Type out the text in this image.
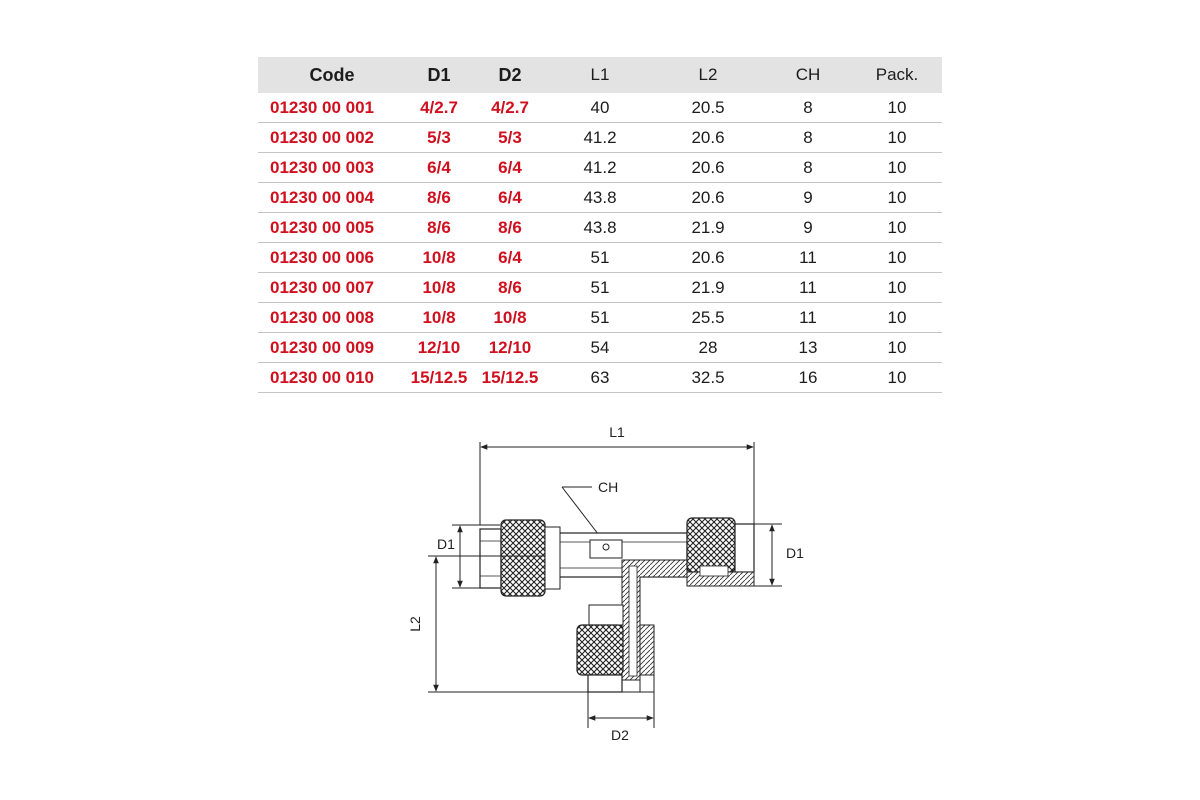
Code	D1	D2	L1	L2	CH	Pack.
01230 00 001	4/2.7	4/2.7	40	20.5	8	10
01230 00 002	5/3	5/3	41.2	20.6	8	10
01230 00 003	6/4	6/4	41.2	20.6	8	10
01230 00 004	8/6	6/4	43.8	20.6	9	10
01230 00 005	8/6	8/6	43.8	21.9	9	10
01230 00 006	10/8	6/4	51	20.6	11	10
01230 00 007	10/8	8/6	51	21.9	11	10
01230 00 008	10/8	10/8	51	25.5	11	10
01230 00 009	12/10	12/10	54	28	13	10
01230 00 010	15/12.5	15/12.5	63	32.5	16	10
L1
CH
D1
D1
L2
D2
